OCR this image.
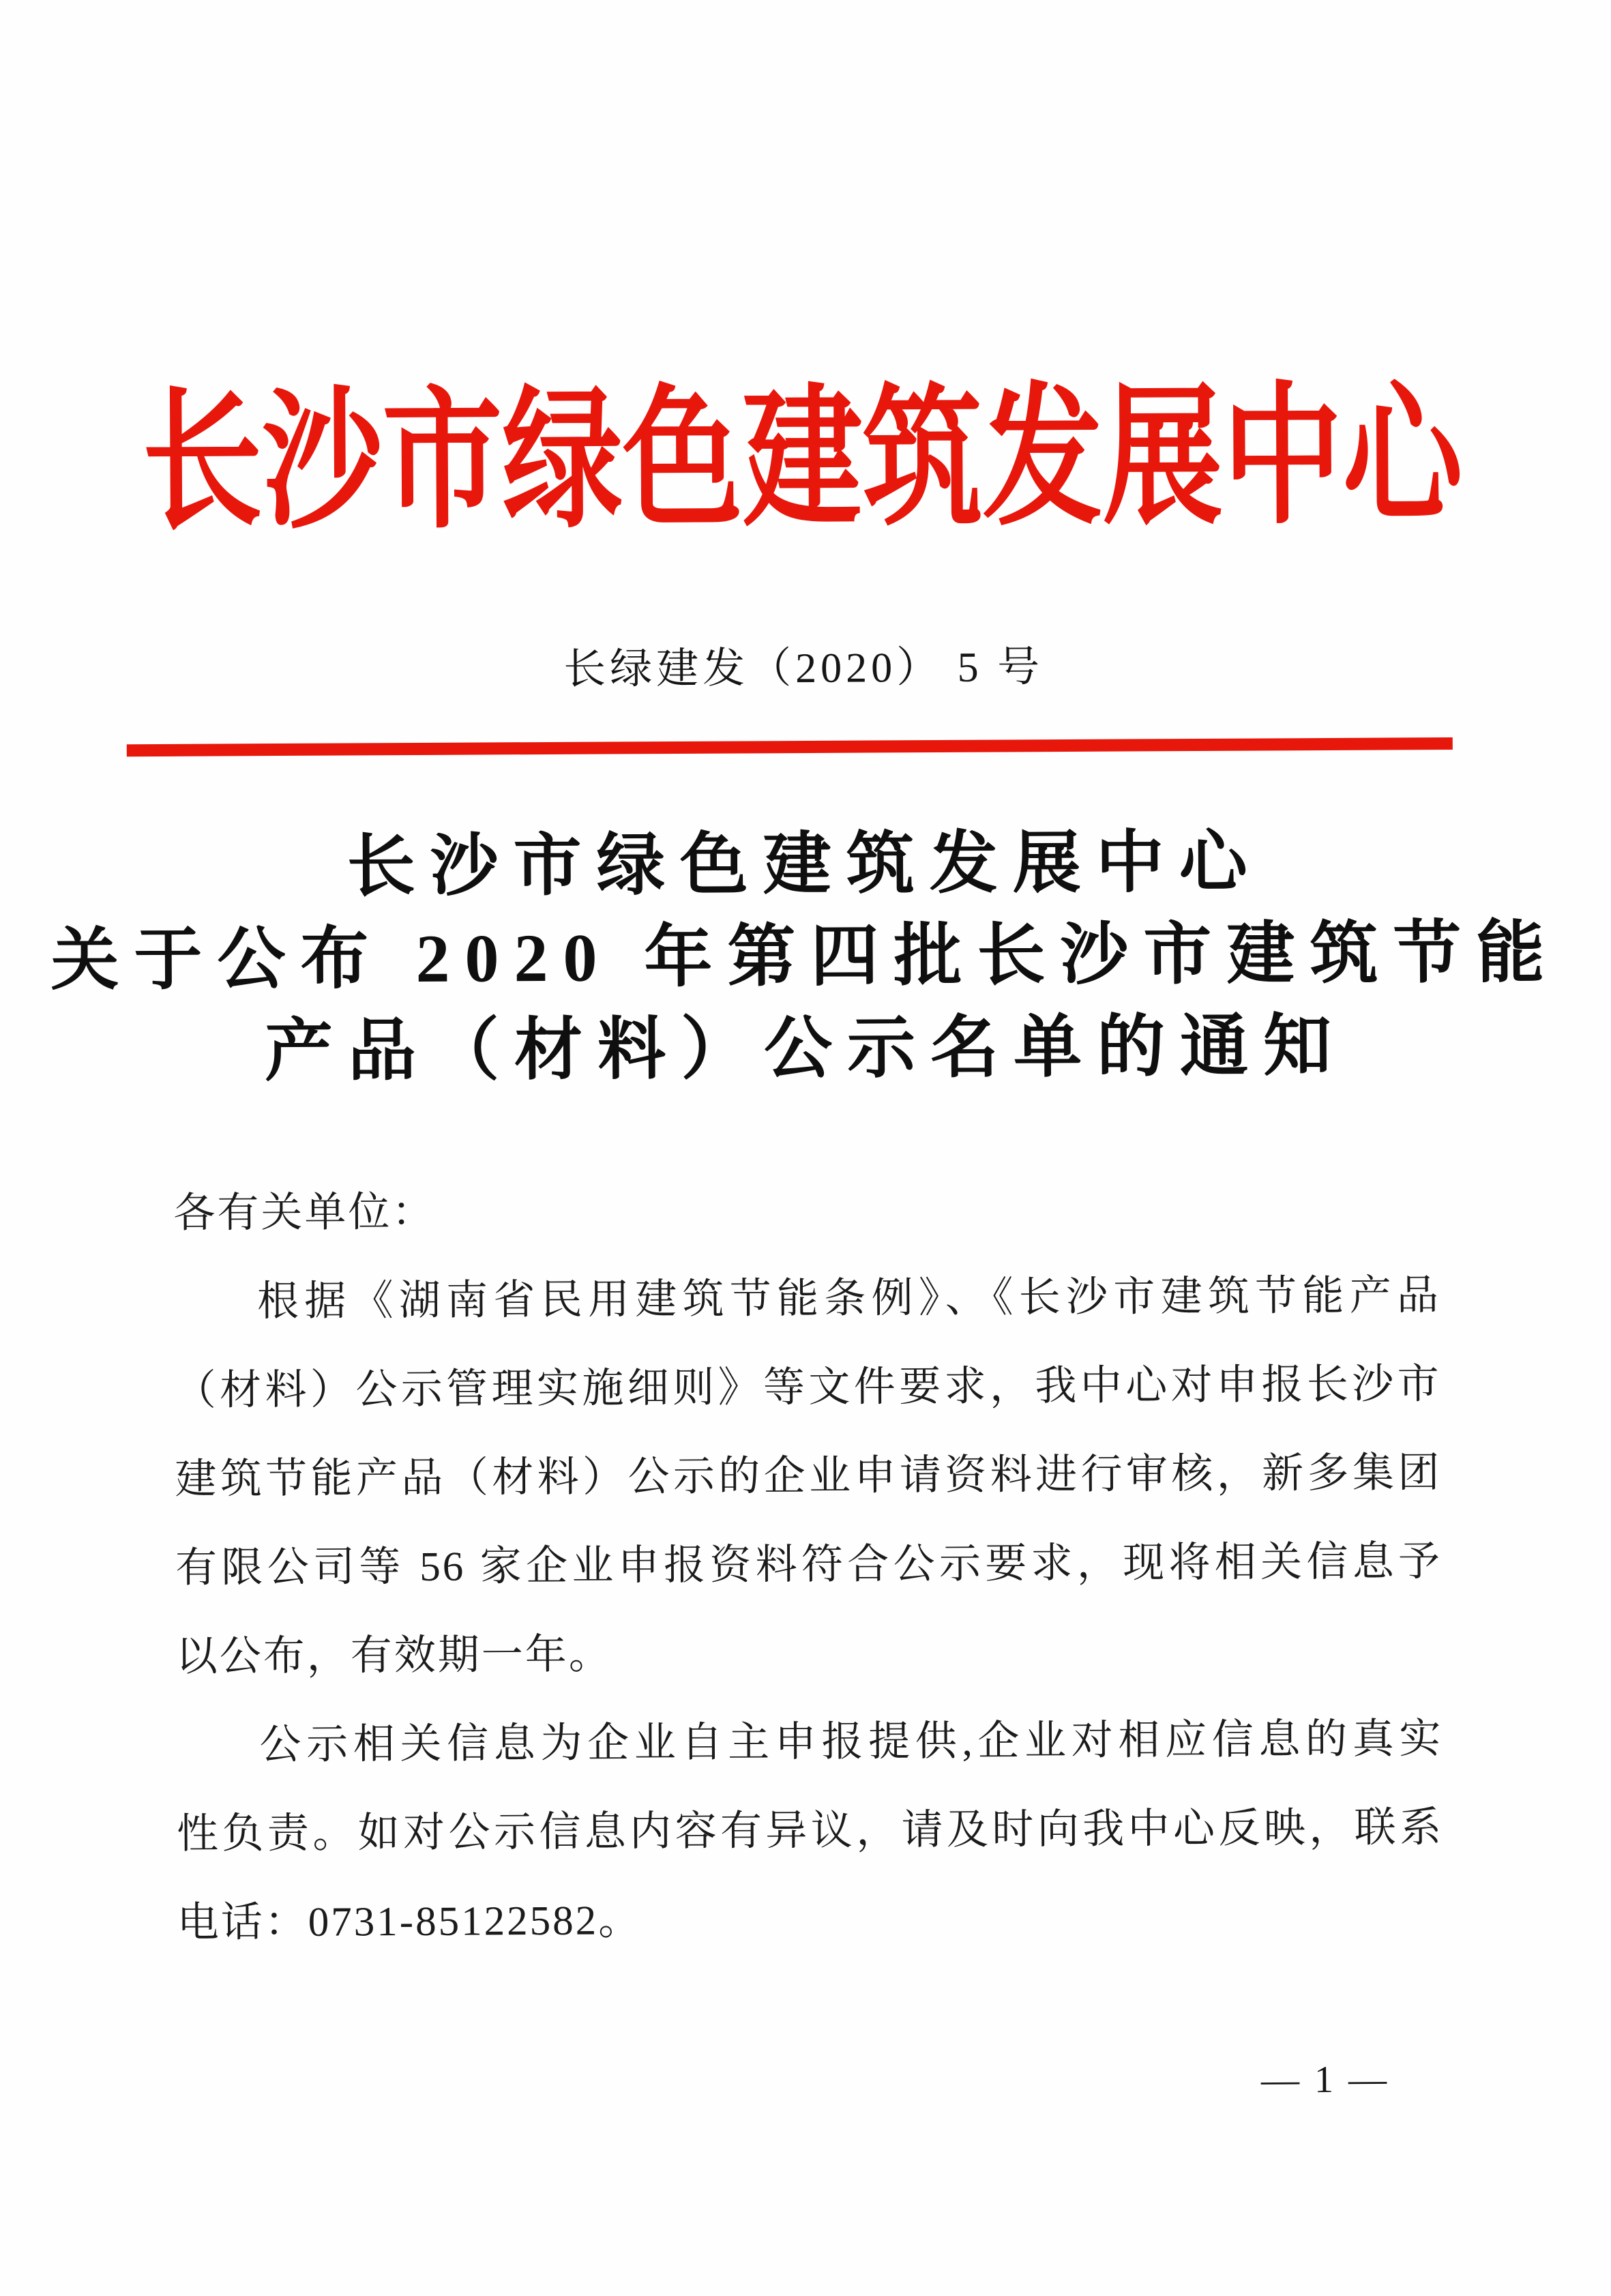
长沙市绿色建筑发展中心
长绿建发（2020） 5 号
长沙市绿色建筑发展中心
关于公布 2020 年第四批长沙市建筑节能
产品（材料）公示名单的通知
各有关单位：
根据《湖南省民用建筑节能条例》、《长沙市建筑节能产品
（材料）公示管理实施细则》等文件要求，我中心对申报长沙市
建筑节能产品（材料）公示的企业申请资料进行审核，新多集团
有限公司等 56 家企业申报资料符合公示要求，现将相关信息予
以公布，有效期一年。
公示相关信息为企业自主申报提供,企业对相应信息的真实
性负责。如对公示信息内容有异议，请及时向我中心反映，联系
电话：0731-85122582。
— 1 —
